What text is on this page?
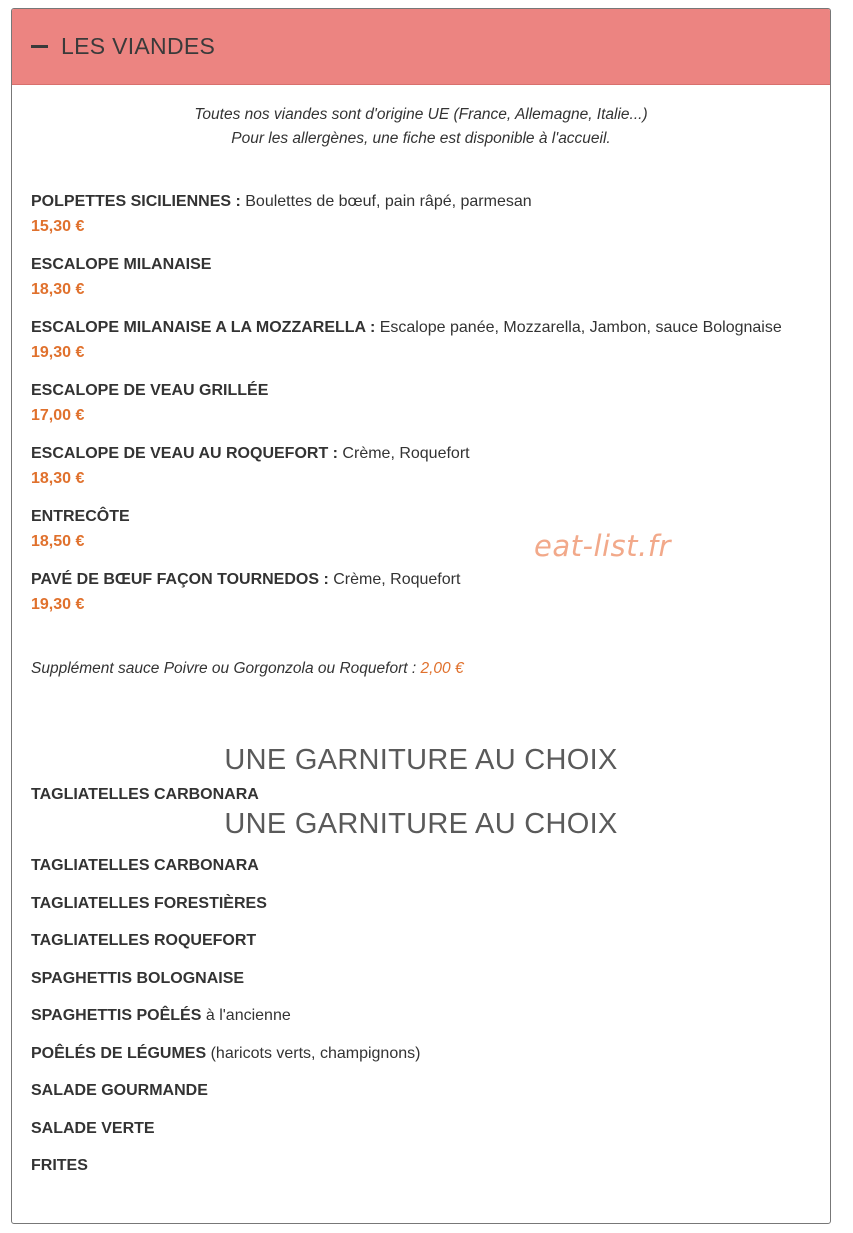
LES VIANDES
Toutes nos viandes sont d'origine UE (France, Allemagne, Italie...)
Pour les allergènes, une fiche est disponible à l'accueil.
POLPETTES SICILIENNES : Boulettes de bœuf, pain râpé, parmesan
15,30 €
ESCALOPE MILANAISE
18,30 €
ESCALOPE MILANAISE A LA MOZZARELLA : Escalope panée, Mozzarella, Jambon, sauce Bolognaise
19,30 €
ESCALOPE DE VEAU GRILLÉE
17,00 €
ESCALOPE DE VEAU AU ROQUEFORT : Crème, Roquefort
18,30 €
ENTRECÔTE
18,50 €
PAVÉ DE BŒUF FAÇON TOURNEDOS : Crème, Roquefort
19,30 €
eat-list.fr
Supplément sauce Poivre ou Gorgonzola ou Roquefort : 2,00 €
UNE GARNITURE AU CHOIX
TAGLIATELLES CARBONARA
UNE GARNITURE AU CHOIX
TAGLIATELLES CARBONARA
TAGLIATELLES FORESTIÈRES
TAGLIATELLES ROQUEFORT
SPAGHETTIS BOLOGNAISE
SPAGHETTIS POÊLÉS à l'ancienne
POÊLÉS DE LÉGUMES (haricots verts, champignons)
SALADE GOURMANDE
SALADE VERTE
FRITES
